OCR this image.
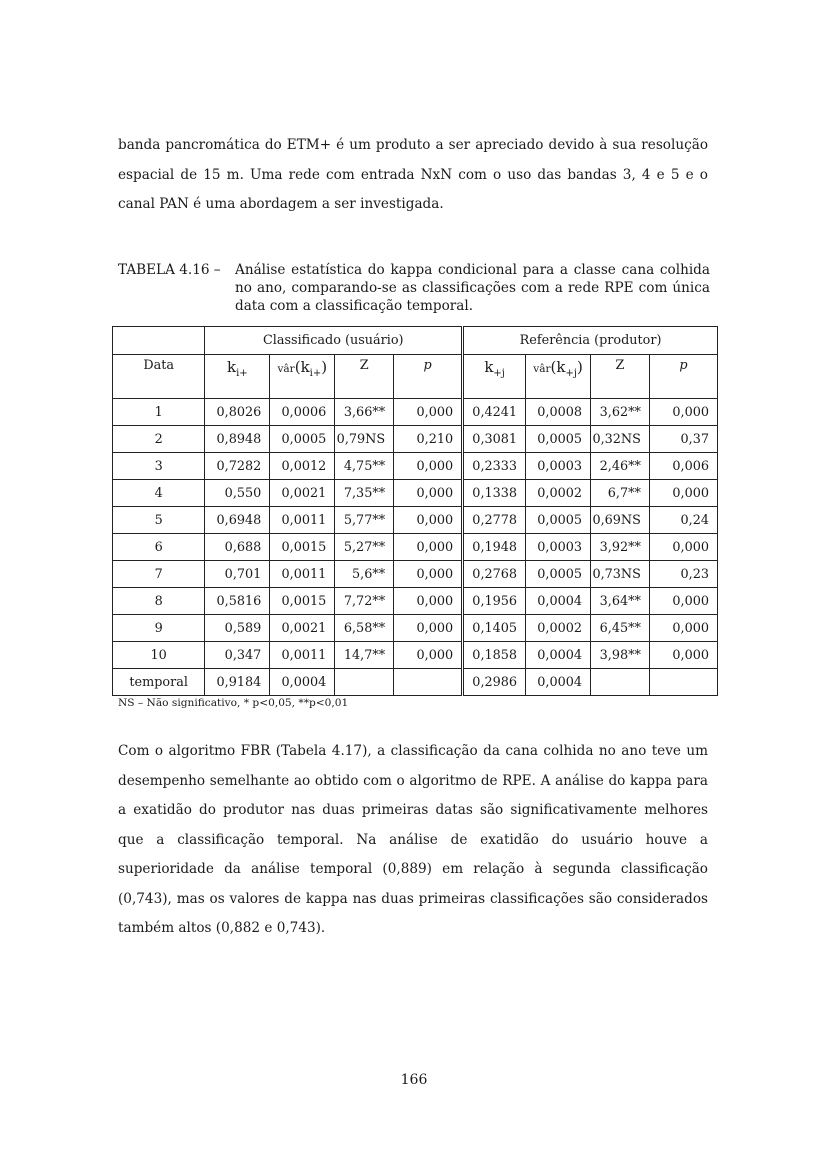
banda pancromática do ETM+ é um produto a ser apreciado devido à sua resolução espacial de 15 m. Uma rede com entrada NxN com o uso das bandas 3, 4 e 5 e o canal PAN é uma abordagem a ser investigada.

TABELA 4.16 – Análise estatística do kappa condicional para a classe cana colhida no ano, comparando-se as classificações com a rede RPE com única data com a classificação temporal.
	Classificado (usuário)				Referência (produtor)			
Data	^ $k_{i+}$	vâr(^ $k_{i+}$)	Z	p	^ $k_{+j}$	vâr(^ $k_{+j}$)	Z	p
1	0,8026	0,0006	3,66**	0,000	0,4241	0,0008	3,62**	0,000
2	0,8948	0,0005	0,79NS	0,210	0,3081	0,0005	0,32NS	0,37
3	0,7282	0,0012	4,75**	0,000	0,2333	0,0003	2,46**	0,006
4	0,550	0,0021	7,35**	0,000	0,1338	0,0002	6,7**	0,000
5	0,6948	0,0011	5,77**	0,000	0,2778	0,0005	0,69NS	0,24
6	0,688	0,0015	5,27**	0,000	0,1948	0,0003	3,92**	0,000
7	0,701	0,0011	5,6**	0,000	0,2768	0,0005	0,73NS	0,23
8	0,5816	0,0015	7,72**	0,000	0,1956	0,0004	3,64**	0,000
9	0,589	0,0021	6,58**	0,000	0,1405	0,0002	6,45**	0,000
10	0,347	0,0011	14,7**	0,000	0,1858	0,0004	3,98**	0,000
temporal	0,9184	0,0004			0,2986	0,0004		
NS – Não significativo, * p<0,05, **p<0,01

Com o algoritmo FBR (Tabela 4.17), a classificação da cana colhida no ano teve um desempenho semelhante ao obtido com o algoritmo de RPE. A análise do kappa para a exatidão do produtor nas duas primeiras datas são significativamente melhores que a classificação temporal. Na análise de exatidão do usuário houve a superioridade da análise temporal (0,889) em relação à segunda classificação (0,743), mas os valores de kappa nas duas primeiras classificações são considerados também altos (0,882 e 0,743).

166
